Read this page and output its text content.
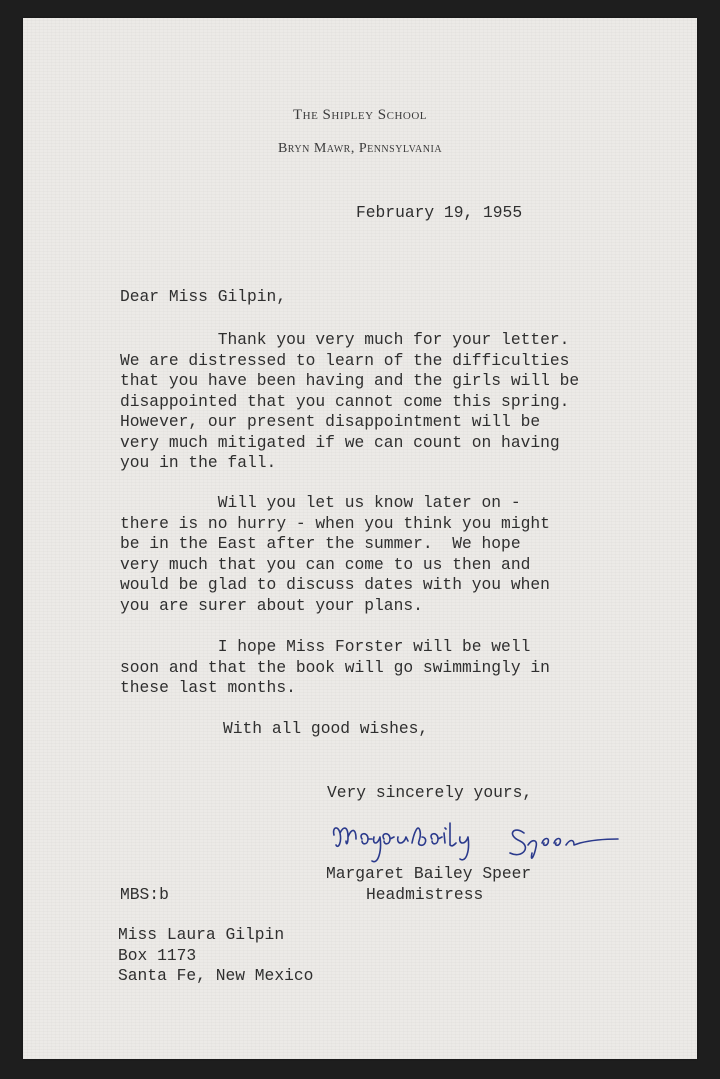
The Shipley School
Bryn Mawr, Pennsylvania
February 19, 1955
Dear Miss Gilpin,
Thank you very much for your letter.
We are distressed to learn of the difficulties
that you have been having and the girls will be
disappointed that you cannot come this spring.
However, our present disappointment will be
very much mitigated if we can count on having
you in the fall.
Will you let us know later on -
there is no hurry - when you think you might
be in the East after the summer.  We hope
very much that you can come to us then and
would be glad to discuss dates with you when
you are surer about your plans.
I hope Miss Forster will be well
soon and that the book will go swimmingly in
these last months.
With all good wishes,
Very sincerely yours,
Margaret Bailey Speer
MBS:b	Headmistress
Miss Laura Gilpin
Box 1173
Santa Fe, New Mexico
